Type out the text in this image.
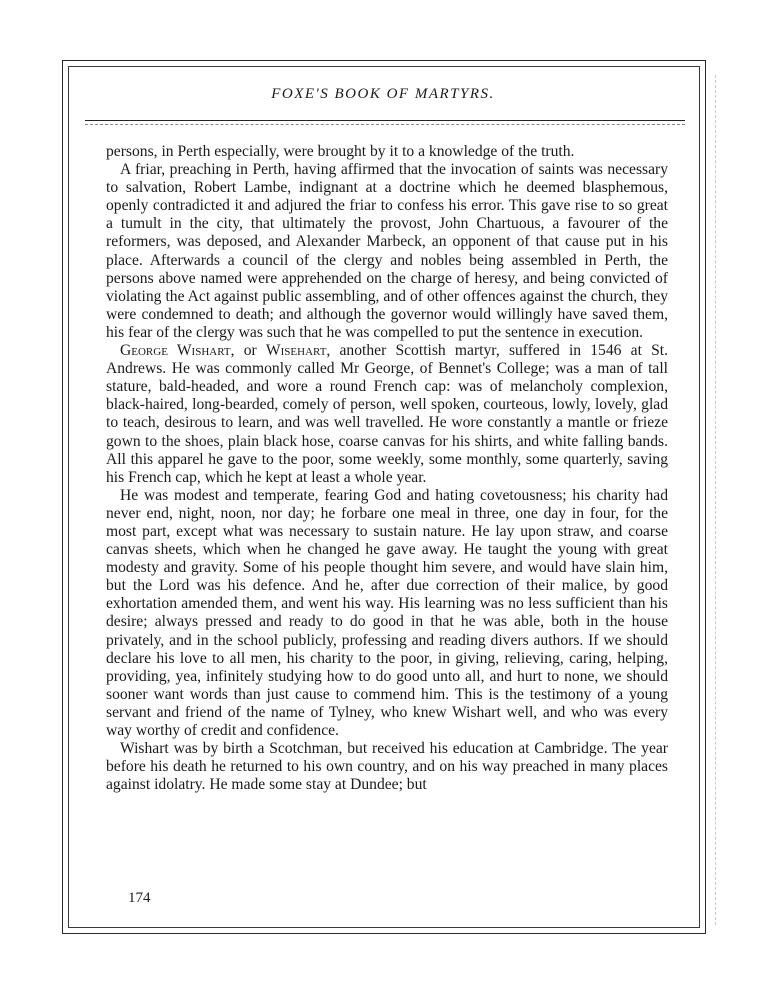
FOXE'S BOOK OF MARTYRS.

persons, in Perth especially, were brought by it to a knowledge of the truth.

A friar, preaching in Perth, having affirmed that the invocation of saints was necessary to salvation, Robert Lambe, indignant at a doctrine which he deemed blasphemous, openly contradicted it and adjured the friar to confess his error. This gave rise to so great a tumult in the city, that ultimately the provost, John Chartuous, a favourer of the reformers, was deposed, and Alexander Marbeck, an opponent of that cause put in his place. Afterwards a council of the clergy and nobles being assembled in Perth, the persons above named were apprehended on the charge of heresy, and being convicted of violating the Act against public assembling, and of other offences against the church, they were condemned to death; and although the governor would willingly have saved them, his fear of the clergy was such that he was compelled to put the sentence in execution.

George Wishart, or Wisehart, another Scottish martyr, suffered in 1546 at St. Andrews. He was commonly called Mr George, of Bennet's College; was a man of tall stature, bald-headed, and wore a round French cap: was of melancholy complexion, black-haired, long-bearded, comely of person, well spoken, courteous, lowly, lovely, glad to teach, desirous to learn, and was well travelled. He wore constantly a mantle or frieze gown to the shoes, plain black hose, coarse canvas for his shirts, and white falling bands. All this apparel he gave to the poor, some weekly, some monthly, some quarterly, saving his French cap, which he kept at least a whole year.

He was modest and temperate, fearing God and hating covetousness; his charity had never end, night, noon, nor day; he forbare one meal in three, one day in four, for the most part, except what was necessary to sustain nature. He lay upon straw, and coarse canvas sheets, which when he changed he gave away. He taught the young with great modesty and gravity. Some of his people thought him severe, and would have slain him, but the Lord was his defence. And he, after due correction of their malice, by good exhortation amended them, and went his way. His learning was no less sufficient than his desire; always pressed and ready to do good in that he was able, both in the house privately, and in the school publicly, professing and reading divers authors. If we should declare his love to all men, his charity to the poor, in giving, relieving, caring, helping, providing, yea, infinitely studying how to do good unto all, and hurt to none, we should sooner want words than just cause to commend him. This is the testimony of a young servant and friend of the name of Tylney, who knew Wishart well, and who was every way worthy of credit and confidence.

Wishart was by birth a Scotchman, but received his education at Cambridge. The year before his death he returned to his own country, and on his way preached in many places against idolatry. He made some stay at Dundee; but

174
